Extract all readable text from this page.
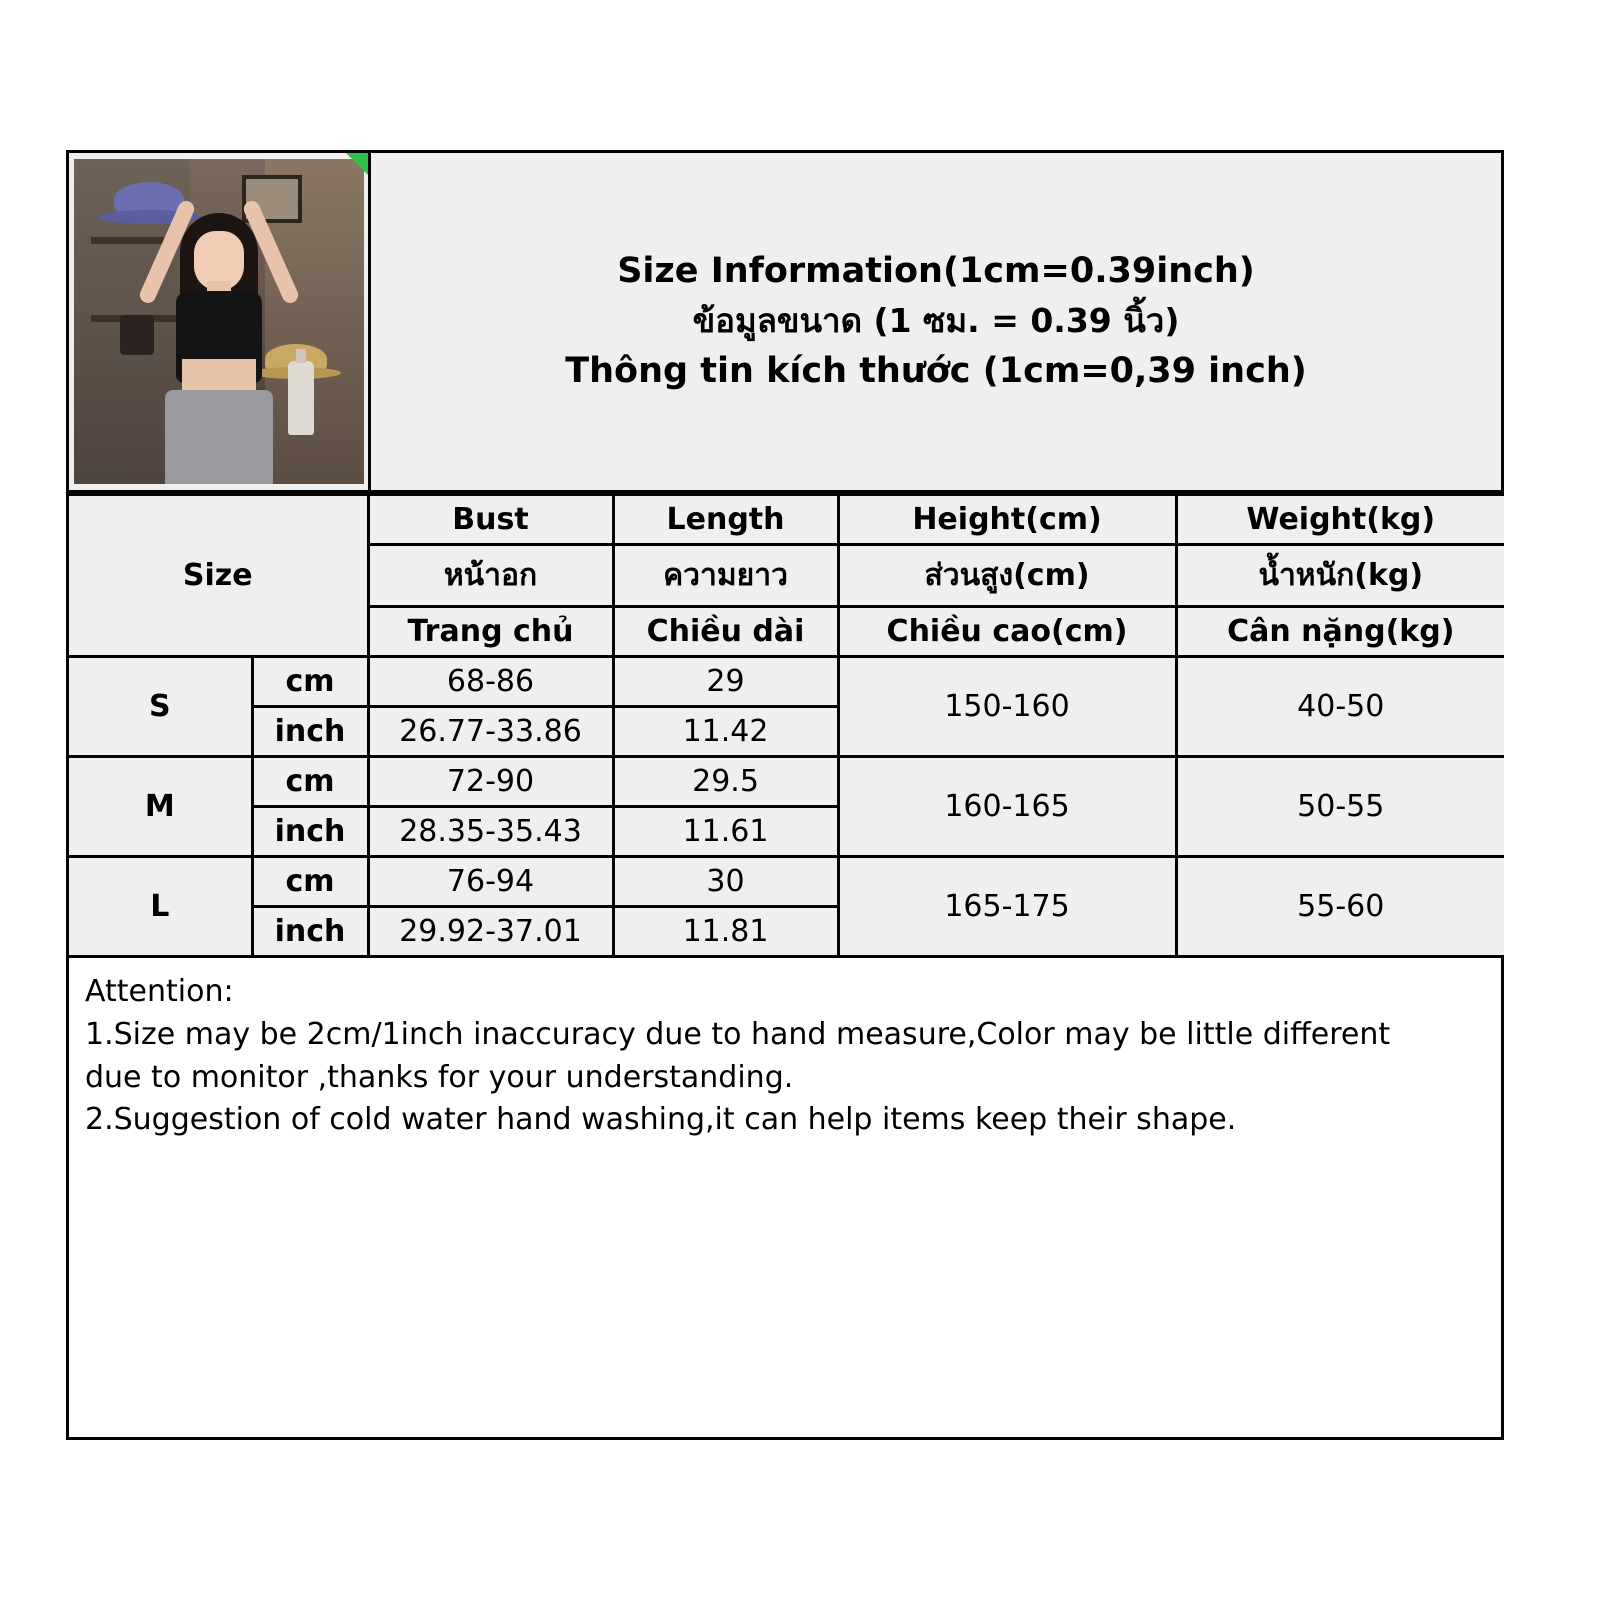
Size Information(1cm=0.39inch)
ข้อมูลขนาด (1 ซม. = 0.39 นิ้ว)
Thông tin kích thước (1cm=0,39 inch)
Size		Bust	Length	Height(cm)	Weight(kg)
		หน้าอก	ความยาว	ส่วนสูง(cm)	น้ำหนัก(kg)
		Trang chủ	Chiều dài	Chiều cao(cm)	Cân nặng(kg)
S	cm	68-86	29	150-160	40-50
	inch	26.77-33.86	11.42		
M	cm	72-90	29.5	160-165	50-55
	inch	28.35-35.43	11.61		
L	cm	76-94	30	165-175	55-60
	inch	29.92-37.01	11.81		

Attention:

1.Size may be 2cm/1inch inaccuracy due to hand measure,Color may be little different

due to monitor ,thanks for your understanding.

2.Suggestion of cold water hand washing,it can help items keep their shape.
